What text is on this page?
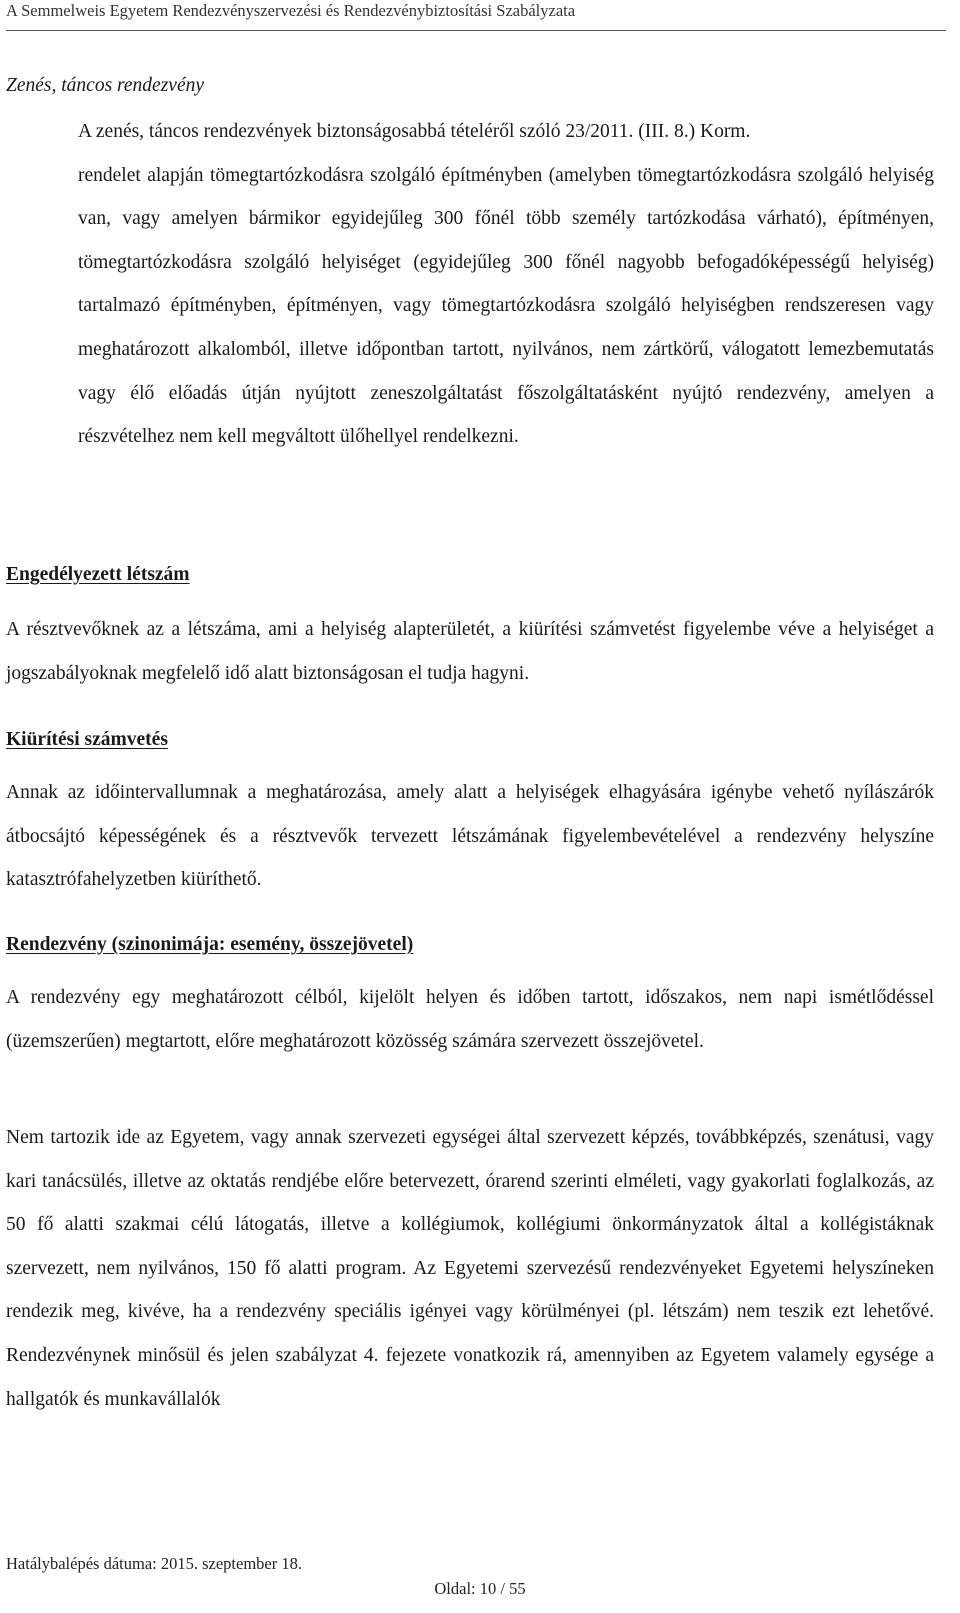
A Semmelweis Egyetem Rendezvényszervezési és Rendezvénybiztosítási Szabályzata
Zenés, táncos rendezvény
A zenés, táncos rendezvények biztonságosabbá tételéről szóló 23/2011. (III. 8.) Korm.
rendelet alapján tömegtartózkodásra szolgáló építményben (amelyben tömegtartózkodásra szolgáló helyiség van, vagy amelyen bármikor egyidejűleg 300 főnél több személy tartózkodása várható), építményen, tömegtartózkodásra szolgáló helyiséget (egyidejűleg 300 főnél nagyobb befogadóképességű helyiség) tartalmazó építményben, építményen, vagy tömegtartózkodásra szolgáló helyiségben rendszeresen vagy meghatározott alkalomból, illetve időpontban tartott, nyilvános, nem zártkörű, válogatott lemezbemutatás vagy élő előadás útján nyújtott zeneszolgáltatást főszolgáltatásként nyújtó rendezvény, amelyen a részvételhez nem kell megváltott ülőhellyel rendelkezni.
Engedélyezett létszám
A résztvevőknek az a létszáma, ami a helyiség alapterületét, a kiürítési számvetést figyelembe véve a helyiséget a jogszabályoknak megfelelő idő alatt biztonságosan el tudja hagyni.
Kiürítési számvetés
Annak az időintervallumnak a meghatározása, amely alatt a helyiségek elhagyására igénybe vehető nyílászárók átbocsájtó képességének és a résztvevők tervezett létszámának figyelembevételével a rendezvény helyszíne katasztrófahelyzetben kiüríthető.
Rendezvény (szinonimája: esemény, összejövetel)
A rendezvény egy meghatározott célból, kijelölt helyen és időben tartott, időszakos, nem napi ismétlődéssel (üzemszerűen) megtartott, előre meghatározott közösség számára szervezett összejövetel.
Nem tartozik ide az Egyetem, vagy annak szervezeti egységei által szervezett képzés, továbbképzés, szenátusi, vagy kari tanácsülés, illetve az oktatás rendjébe előre betervezett, órarend szerinti elméleti, vagy gyakorlati foglalkozás, az 50 fő alatti szakmai célú látogatás, illetve a kollégiumok, kollégiumi önkormányzatok által a kollégistáknak szervezett, nem nyilvános, 150 fő alatti program. Az Egyetemi szervezésű rendezvényeket Egyetemi helyszíneken rendezik meg, kivéve, ha a rendezvény speciális igényei vagy körülményei (pl. létszám) nem teszik ezt lehetővé. Rendezvénynek minősül és jelen szabályzat 4. fejezete vonatkozik rá, amennyiben az Egyetem valamely egysége a hallgatók és munkavállalók
Hatálybalépés dátuma: 2015. szeptember 18.
Oldal: 10 / 55
